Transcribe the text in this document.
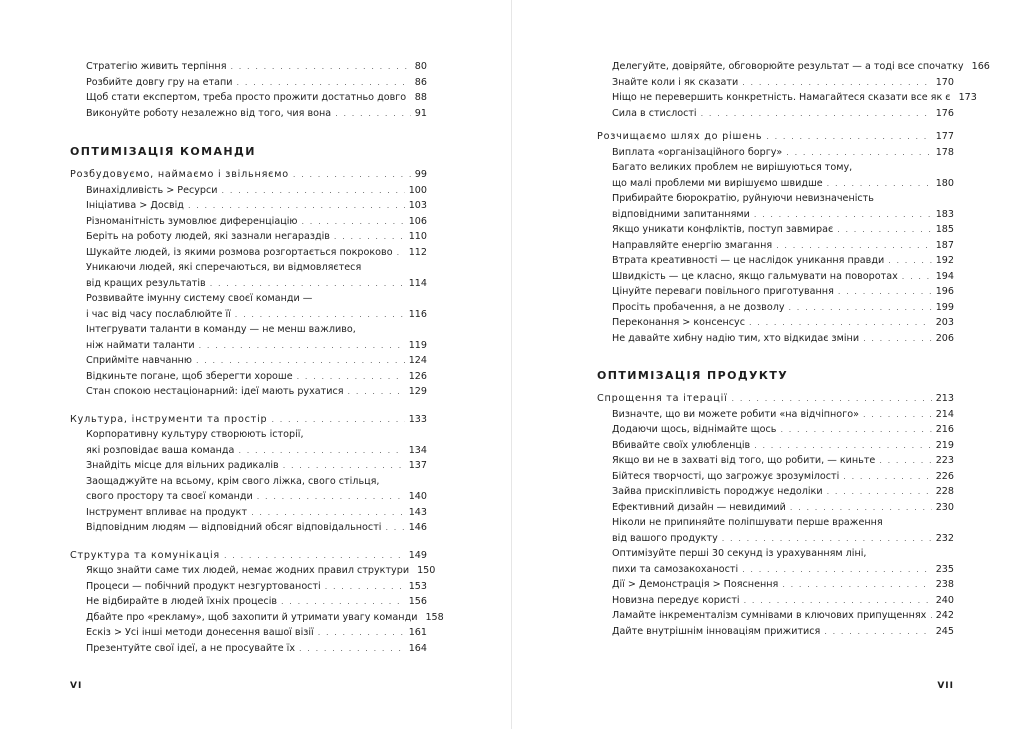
Стратегію живить терпіння . . .	80
Розбийте довгу гру на етапи . . .	86
Щоб стати експертом, треба просто прожити достатньо довго . . . 88
Виконуйте роботу незалежно від того, чия вона . . .	91
ОПТИМІЗАЦІЯ КОМАНДИ
Розбудовуємо, наймаємо і звільняємо . . .	99
Винахідливість > Ресурси . . .	100
Ініціатива > Досвід . . .	103
Різноманітність зумовлює диференціацію . . .	106
Беріть на роботу людей, які зазнали негараздів . . .	110
Шукайте людей, із якими розмова розгортається покроково . . . 112
Уникаючи людей, які сперечаються, ви відмовляєтеся
від кращих результатів . . .	114
Розвивайте імунну систему своєї команди —
і час від часу послаблюйте її . . .	116
Інтегрувати таланти в команду — не менш важливо,
ніж наймати таланти . . .	119
Сприйміте навчанню . . .	124
Відкиньте погане, щоб зберегти хороше . . .	126
Стан спокою нестаціонарний: ідеї мають рухатися . . .	129
Культура, інструменти та простір . . .	133
Корпоративну культуру створюють історії,
які розповідає ваша команда . . .	134
Знайдіть місце для вільних радикалів . . .	137
Заощаджуйте на всьому, крім свого ліжка, свого стільця,
свого простору та своєї команди . . .	140
Інструмент впливає на продукт . . .	143
Відповідним людям — відповідний обсяг відповідальності . . .	146
Структура та комунікація . . .	149
Якщо знайти саме тих людей, немає жодних правил структури 150
Процеси — побічний продукт незгуртованості . . .	153
Не відбирайте в людей їхніх процесів . . .	156
Дбайте про «рекламу», щоб захопити й утримати увагу команди 158
Ескіз > Усі інші методи донесення вашої візії . . .	161
Презентуйте свої ідеї, а не просувайте їх . . .	164
VI
Делегуйте, довіряйте, обговорюйте результат — а тоді все спочатку 166
Знайте коли і як сказати . . .	170
Ніщо не перевершить конкретність. Намагайтеся сказати все як є 173
Сила в стислості . . .	176
Розчищаємо шлях до рішень . . .	177
Виплата «організаційного боргу» . . .	178
Багато великих проблем не вирішуються тому,
що малі проблеми ми вирішуємо швидше . . .	180
Прибирайте бюрократію, руйнуючи невизначеність
відповідними запитаннями . . .	183
Якщо уникати конфліктів, поступ завмирає . . .	185
Направляйте енергію змагання . . .	187
Втрата креативності — це наслідок уникання правди . . .	192
Швидкість — це класно, якщо гальмувати на поворотах . . .	194
Цінуйте переваги повільного приготування . . .	196
Просіть пробачення, а не дозволу . . .	199
Переконання > консенсус . . .	203
Не давайте хибну надію тим, хто відкидає зміни . . .	206
ОПТИМІЗАЦІЯ ПРОДУКТУ
Спрощення та ітерації . . .	213
Визначте, що ви можете робити «на відчіпного» . . .	214
Додаючи щось, віднімайте щось . . .	216
Вбивайте своїх улюбленців . . .	219
Якщо ви не в захваті від того, що робити, — киньте . . .	223
Бійтеся творчості, що загрожує зрозумілості . . .	226
Зайва прискіпливість породжує недоліки . . .	228
Ефективний дизайн — невидимий . . .	230
Ніколи не припиняйте поліпшувати перше враження
від вашого продукту . . .	232
Оптимізуйте перші 30 секунд із урахуванням ліні,
пихи та самозакоханості . . .	235
Дії > Демонстрація > Пояснення . . .	238
Новизна передує користі . . .	240
Ламайте інкременталізм сумнівами в ключових припущеннях . . . 242
Дайте внутрішнім інноваціям прижитися . . .	245
VII
